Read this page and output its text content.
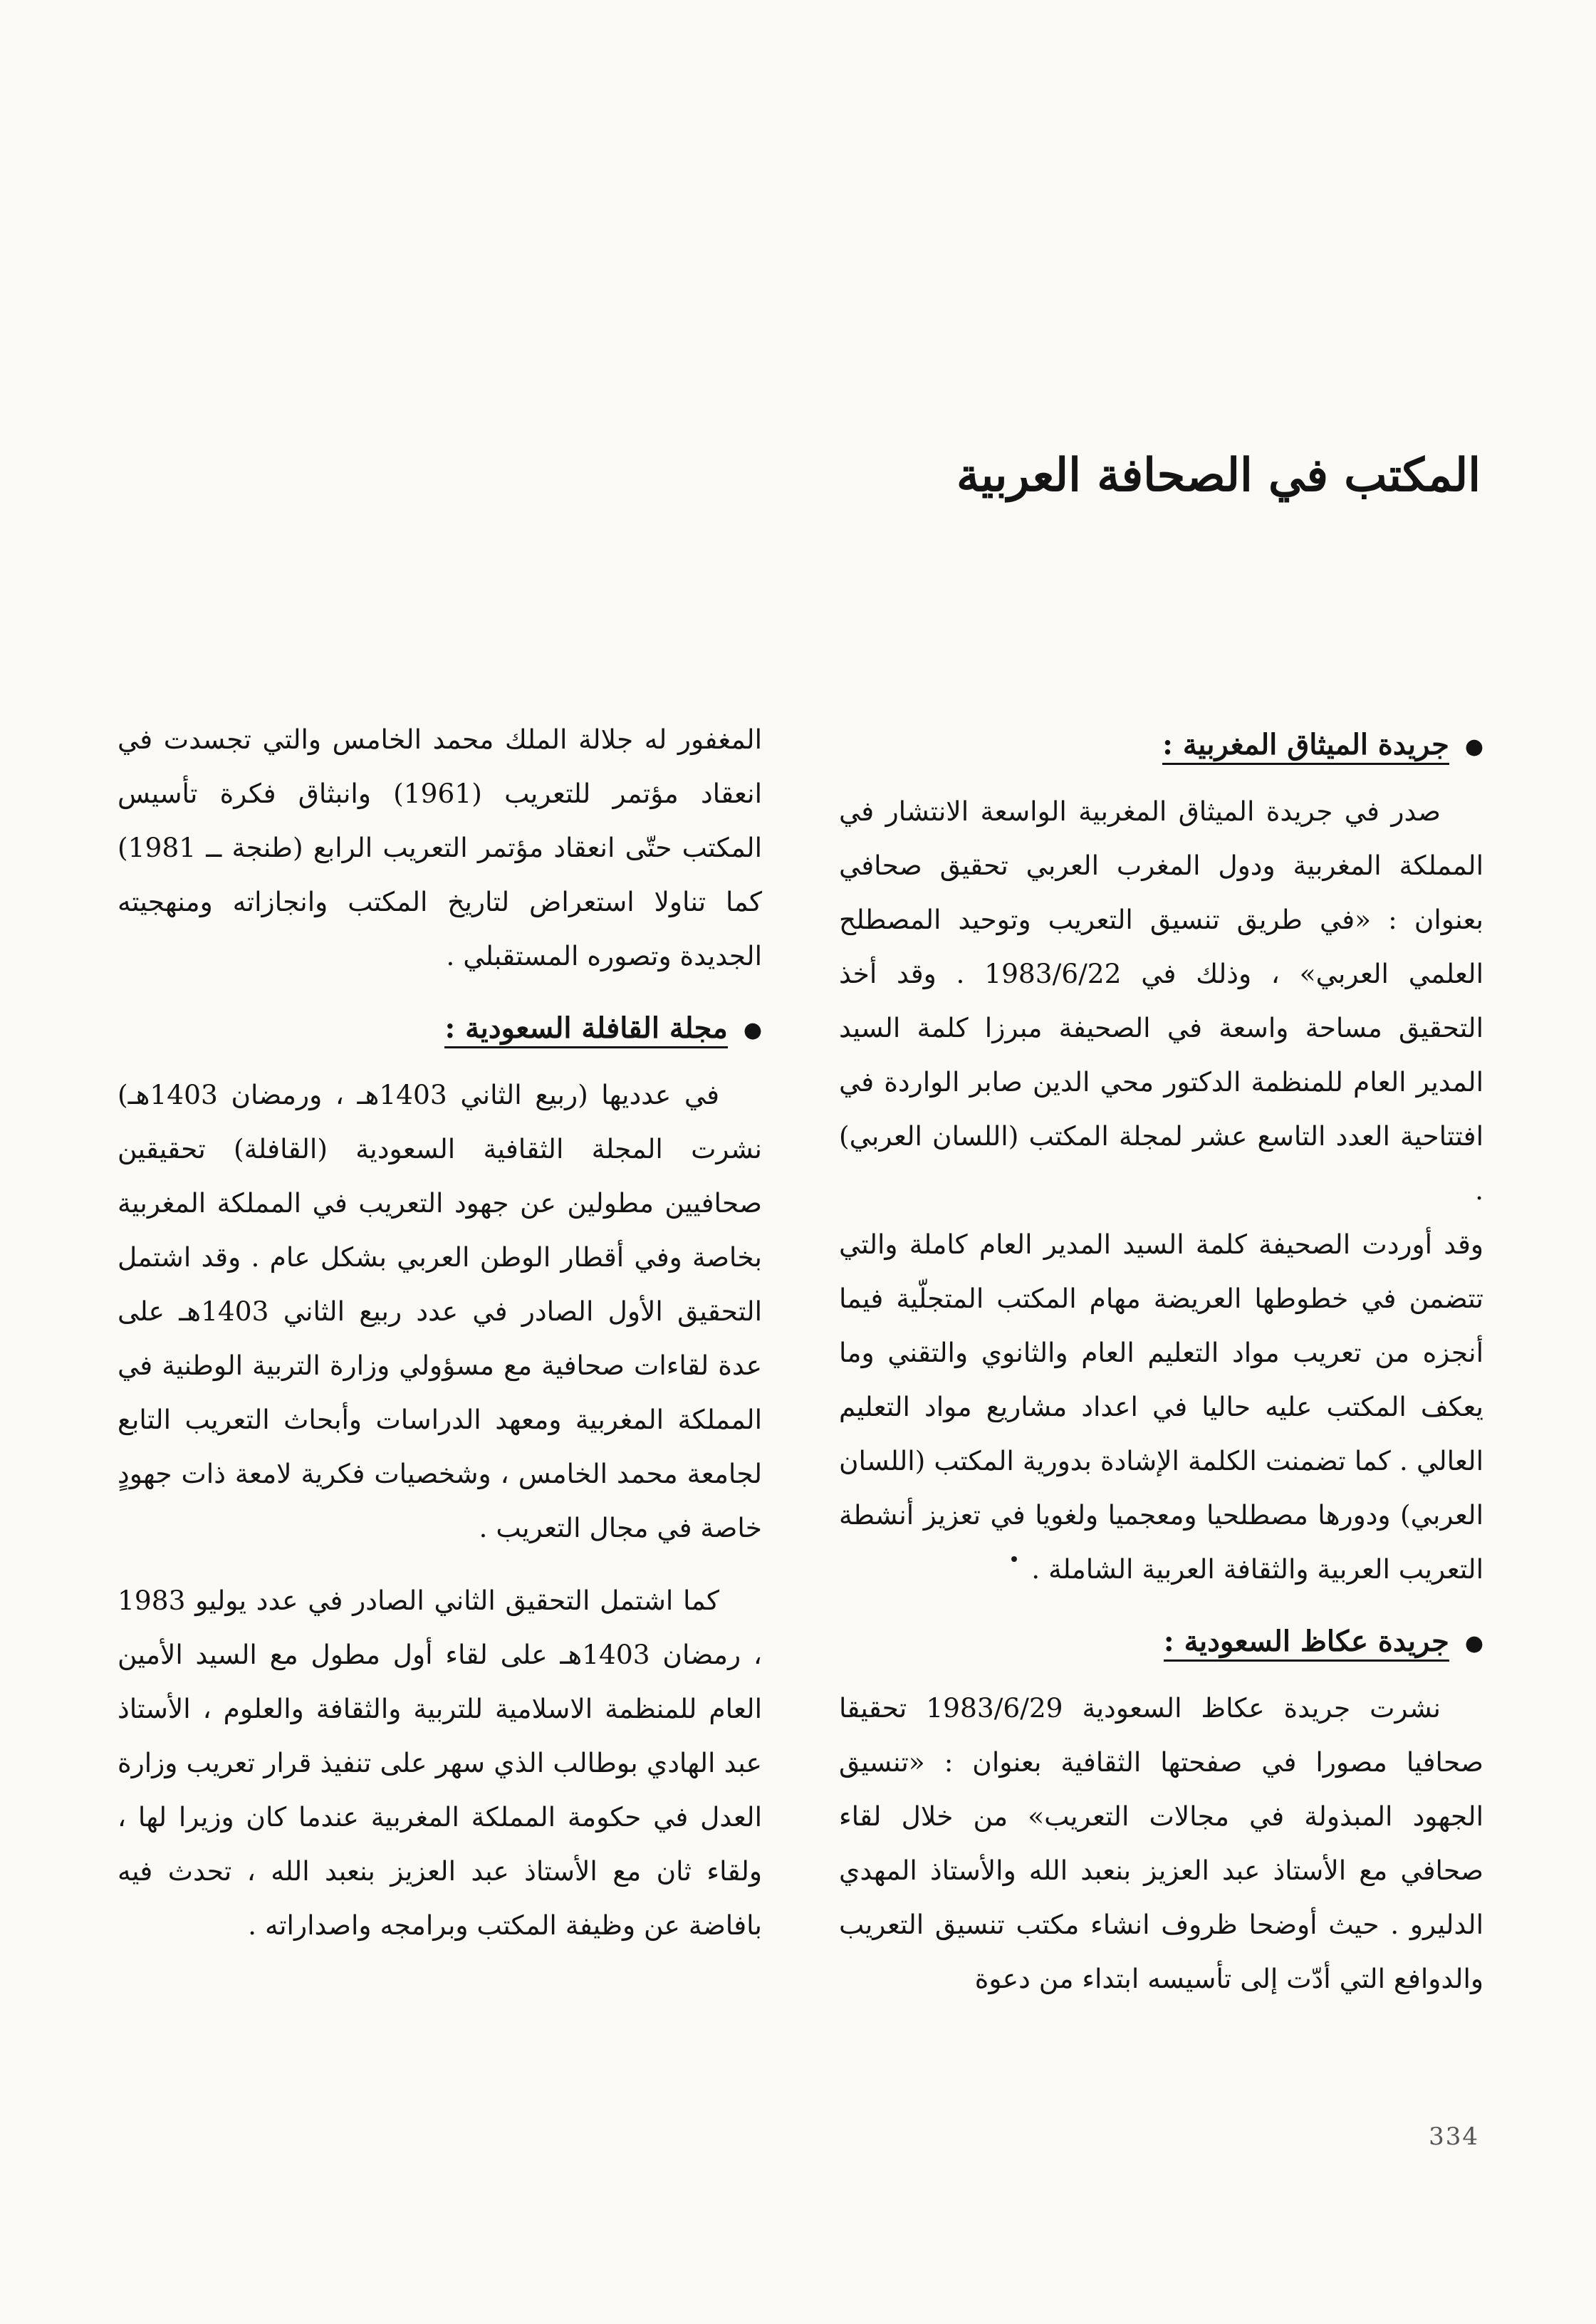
المكتب في الصحافة العربية
●جريدة الميثاق المغربية :

صدر في جريدة الميثاق المغربية الواسعة الانتشار في المملكة المغربية ودول المغرب العربي تحقيق صحافي بعنوان : «في طريق تنسيق التعريب وتوحيد المصطلح العلمي العربي» ، وذلك في 1983/6/22 . وقد أخذ التحقيق مساحة واسعة في الصحيفة مبرزا كلمة السيد المدير العام للمنظمة الدكتور محي الدين صابر الواردة في افتتاحية العدد التاسع عشر لمجلة المكتب (اللسان العربي) .

وقد أوردت الصحيفة كلمة السيد المدير العام كاملة والتي تتضمن في خطوطها العريضة مهام المكتب المتجلّية فيما أنجزه من تعريب مواد التعليم العام والثانوي والتقني وما يعكف المكتب عليه حاليا في اعداد مشاريع مواد التعليم العالي . كما تضمنت الكلمة الإشادة بدورية المكتب (اللسان العربي) ودورها مصطلحيا ومعجميا ولغويا في تعزيز أنشطة التعريب العربية والثقافة العربية الشاملة .

●جريدة عكاظ السعودية :

نشرت جريدة عكاظ السعودية 1983/6/29 تحقيقا صحافيا مصورا في صفحتها الثقافية بعنوان : «تنسيق الجهود المبذولة في مجالات التعريب» من خلال لقاء صحافي مع الأستاذ عبد العزيز بنعبد الله والأستاذ المهدي الدليرو . حيث أوضحا ظروف انشاء مكتب تنسيق التعريب والدوافع التي أدّت إلى تأسيسه ابتداء من دعوة

المغفور له جلالة الملك محمد الخامس والتي تجسدت في انعقاد مؤتمر للتعريب (1961) وانبثاق فكرة تأسيس المكتب حتّى انعقاد مؤتمر التعريب الرابع (طنجة ــ 1981) كما تناولا استعراض لتاريخ المكتب وانجازاته ومنهجيته الجديدة وتصوره المستقبلي .

●مجلة القافلة السعودية :

في عدديها (ربيع الثاني 1403هـ ، ورمضان 1403هـ) نشرت المجلة الثقافية السعودية (القافلة) تحقيقين صحافيين مطولين عن جهود التعريب في المملكة المغربية بخاصة وفي أقطار الوطن العربي بشكل عام . وقد اشتمل التحقيق الأول الصادر في عدد ربيع الثاني 1403هـ على عدة لقاءات صحافية مع مسؤولي وزارة التربية الوطنية في المملكة المغربية ومعهد الدراسات وأبحاث التعريب التابع لجامعة محمد الخامس ، وشخصيات فكرية لامعة ذات جهودٍ خاصة في مجال التعريب .

كما اشتمل التحقيق الثاني الصادر في عدد يوليو 1983 ، رمضان 1403هـ على لقاء أول مطول مع السيد الأمين العام للمنظمة الاسلامية للتربية والثقافة والعلوم ، الأستاذ عبد الهادي بوطالب الذي سهر على تنفيذ قرار تعريب وزارة العدل في حكومة المملكة المغربية عندما كان وزيرا لها ، ولقاء ثان مع الأستاذ عبد العزيز بنعبد الله ، تحدث فيه بافاضة عن وظيفة المكتب وبرامجه واصداراته .

334
